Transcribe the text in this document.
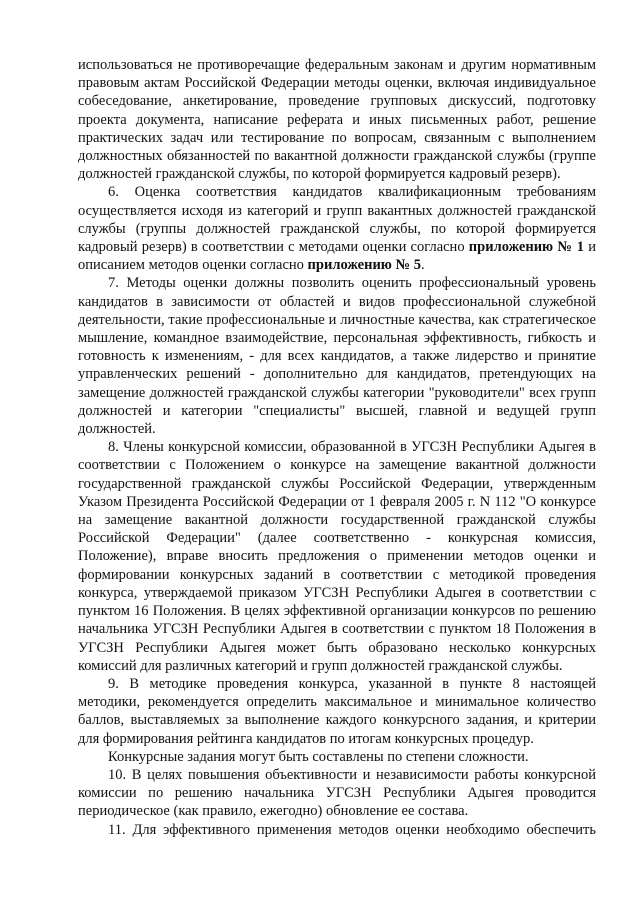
использоваться не противоречащие федеральным законам и другим нормативным правовым актам Российской Федерации методы оценки, включая индивидуальное собеседование, анкетирование, проведение групповых дискуссий, подготовку проекта документа, написание реферата и иных письменных работ, решение практических задач или тестирование по вопросам, связанным с выполнением должностных обязанностей по вакантной должности гражданской службы (группе должностей гражданской службы, по которой формируется кадровый резерв).

6. Оценка соответствия кандидатов квалификационным требованиям осуществляется исходя из категорий и групп вакантных должностей гражданской службы (группы должностей гражданской службы, по которой формируется кадровый резерв) в соответствии с методами оценки согласно приложению № 1 и описанием методов оценки согласно приложению № 5.

7. Методы оценки должны позволить оценить профессиональный уровень кандидатов в зависимости от областей и видов профессиональной служебной деятельности, такие профессиональные и личностные качества, как стратегическое мышление, командное взаимодействие, персональная эффективность, гибкость и готовность к изменениям, - для всех кандидатов, а также лидерство и принятие управленческих решений - дополнительно для кандидатов, претендующих на замещение должностей гражданской службы категории "руководители" всех групп должностей и категории "специалисты" высшей, главной и ведущей групп должностей.

8. Члены конкурсной комиссии, образованной в УГСЗН Республики Адыгея в соответствии с Положением о конкурсе на замещение вакантной должности государственной гражданской службы Российской Федерации, утвержденным Указом Президента Российской Федерации от 1 февраля 2005 г. N 112 "О конкурсе на замещение вакантной должности государственной гражданской службы Российской Федерации" (далее соответственно - конкурсная комиссия, Положение), вправе вносить предложения о применении методов оценки и формировании конкурсных заданий в соответствии с методикой проведения конкурса, утверждаемой приказом УГСЗН Республики Адыгея в соответствии с пунктом 16 Положения. В целях эффективной организации конкурсов по решению начальника УГСЗН Республики Адыгея в соответствии с пунктом 18 Положения в УГСЗН Республики Адыгея может быть образовано несколько конкурсных комиссий для различных категорий и групп должностей гражданской службы.

9. В методике проведения конкурса, указанной в пункте 8 настоящей методики, рекомендуется определить максимальное и минимальное количество баллов, выставляемых за выполнение каждого конкурсного задания, и критерии для формирования рейтинга кандидатов по итогам конкурсных процедур.

Конкурсные задания могут быть составлены по степени сложности.

10. В целях повышения объективности и независимости работы конкурсной комиссии по решению начальника УГСЗН Республики Адыгея проводится периодическое (как правило, ежегодно) обновление ее состава.

11. Для эффективного применения методов оценки необходимо обеспечить
